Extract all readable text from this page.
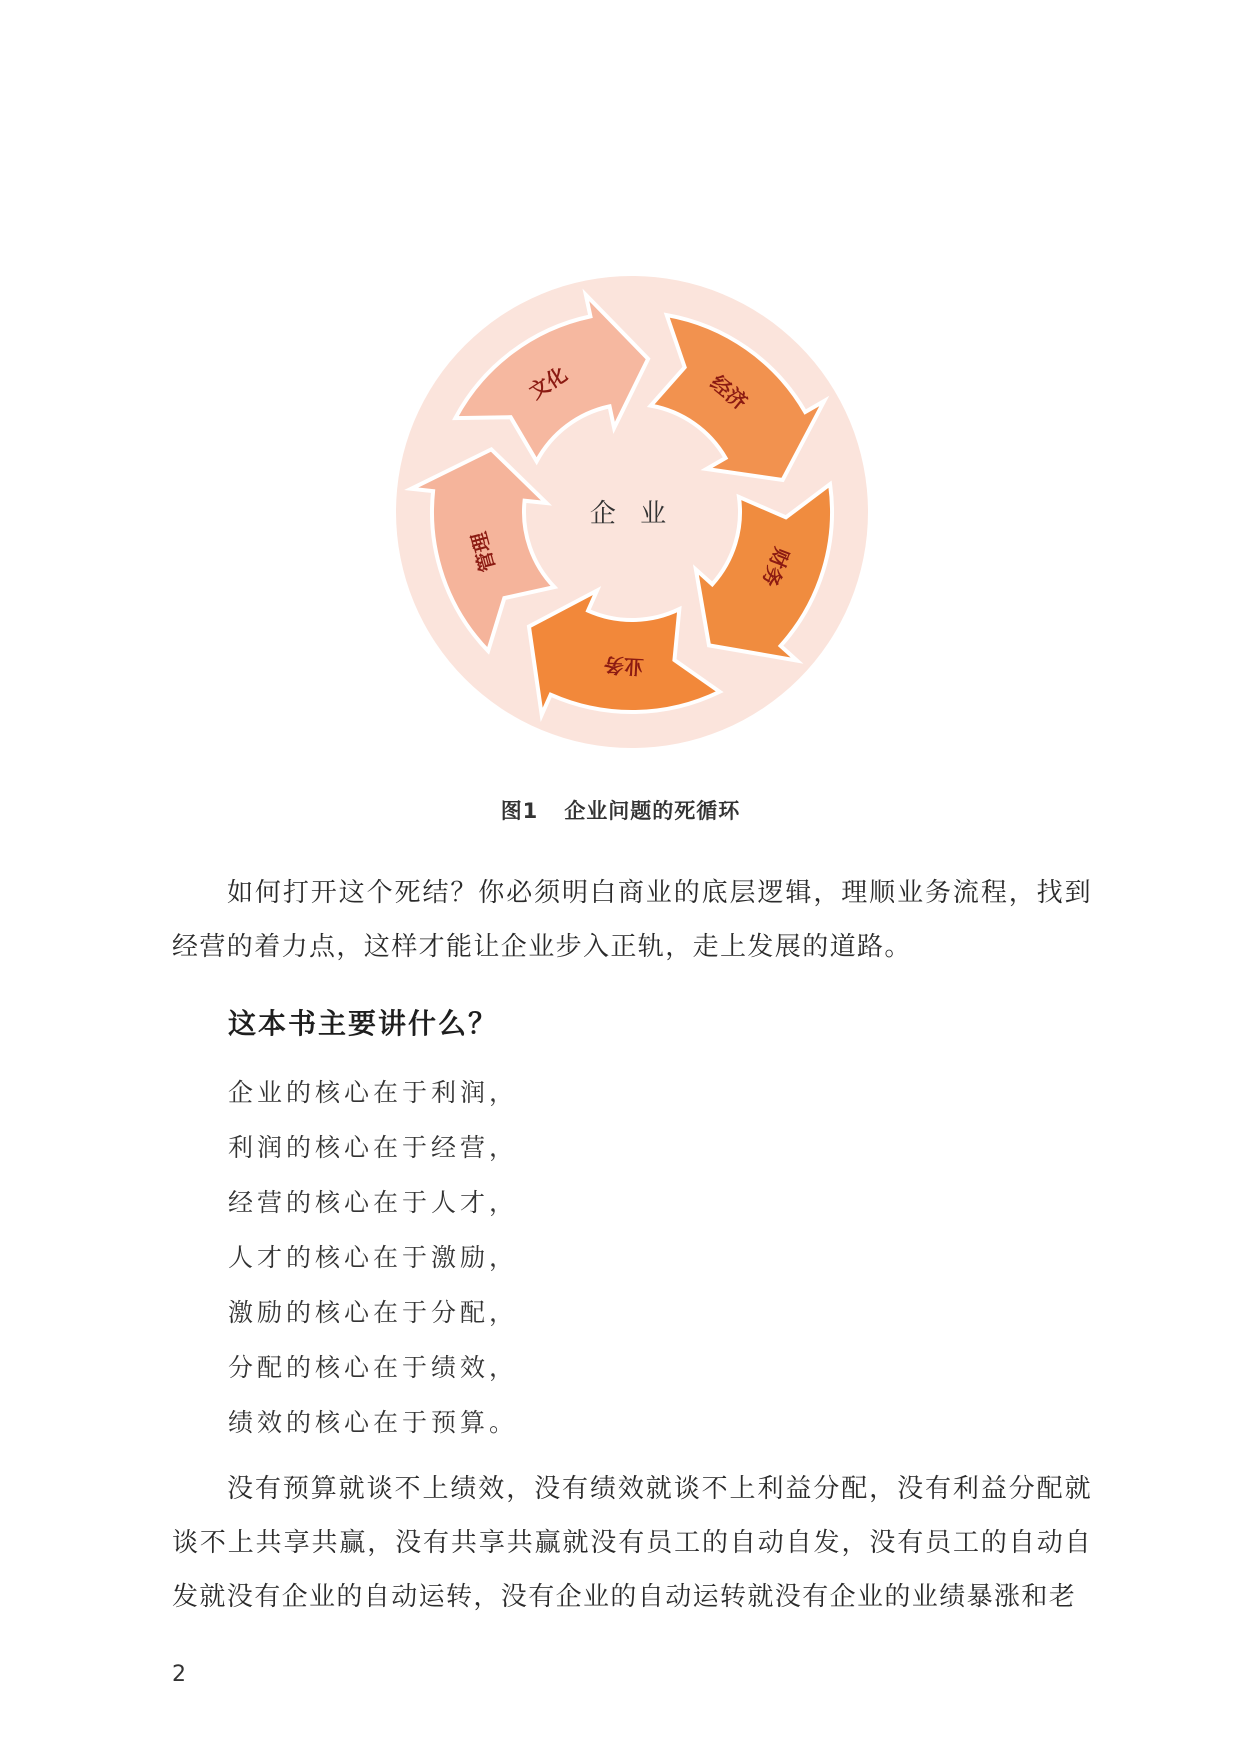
企 业
经济
财务
业务
管理
文化
图1 企业问题的死循环

如何打开这个死结？你必须明白商业的底层逻辑，理顺业务流程，找到经营的着力点，这样才能让企业步入正轨，走上发展的道路。

这本书主要讲什么？
企业的核心在于利润，
利润的核心在于经营，
经营的核心在于人才，
人才的核心在于激励，
激励的核心在于分配，
分配的核心在于绩效，
绩效的核心在于预算。

没有预算就谈不上绩效，没有绩效就谈不上利益分配，没有利益分配就谈不上共享共赢，没有共享共赢就没有员工的自动自发，没有员工的自动自发就没有企业的自动运转，没有企业的自动运转就没有企业的业绩暴涨和老

2
